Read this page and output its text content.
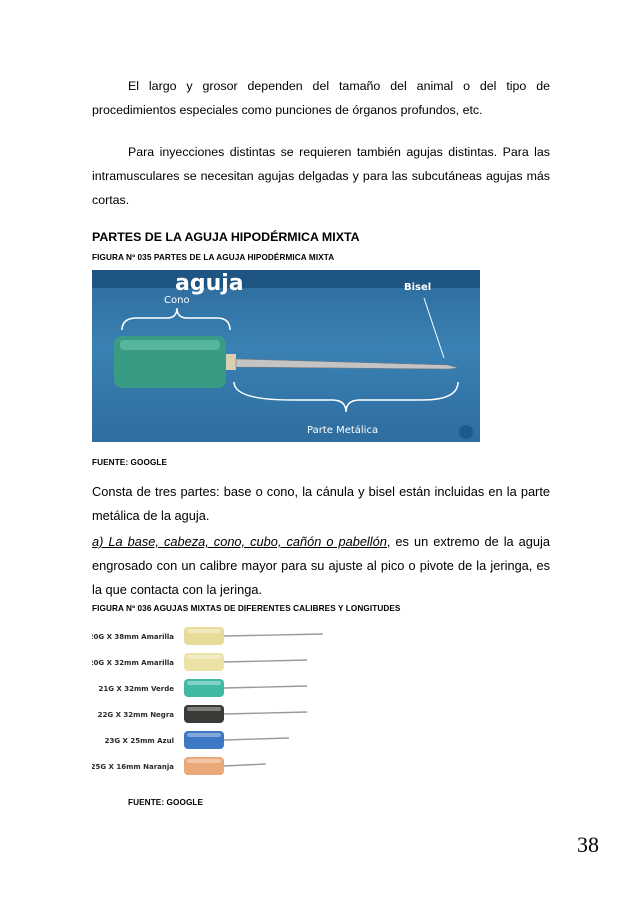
El largo y grosor dependen del tamaño del animal o del tipo de procedimientos especiales como punciones de órganos profundos, etc.
Para inyecciones distintas se requieren también agujas distintas. Para las intramusculares se necesitan agujas delgadas y para las subcutáneas agujas más cortas.
PARTES DE LA AGUJA HIPODÉRMICA MIXTA
FIGURA Nº 035 PARTES DE LA AGUJA HIPODÉRMICA MIXTA
aguja
Cono
Bisel
Parte Metálica
FUENTE: GOOGLE
Consta de tres partes: base o cono, la cánula y bisel están incluidas en la parte metálica de la aguja.
a) La base, cabeza, cono, cubo, cañón o pabellón, es un extremo de la aguja engrosado con un calibre mayor para su ajuste al pico o pivote de la jeringa, es la que contacta con la jeringa.
FIGURA Nº 036 AGUJAS MIXTAS DE DIFERENTES CALIBRES Y LONGITUDES
20G X 38mm Amarilla
20G X 32mm Amarilla
21G X 32mm Verde
22G X 32mm Negra
23G X 25mm Azul
25G X 16mm Naranja
FUENTE: GOOGLE
38
